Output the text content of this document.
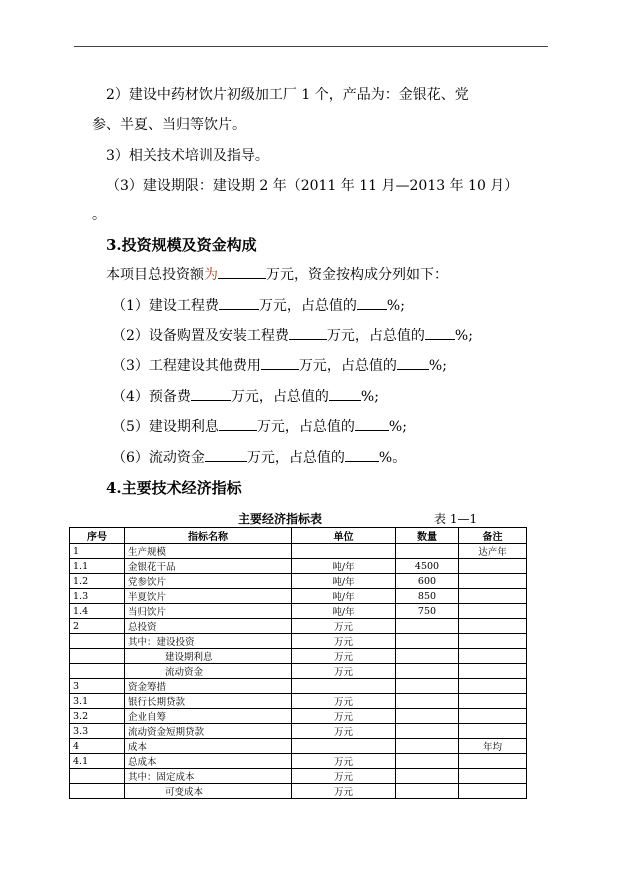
2）建设中药材饮片初级加工厂 1 个，产品为：金银花、党
参、半夏、当归等饮片。
3）相关技术培训及指导。
（3）建设期限：建设期 2 年（2011 年 11 月—2013 年 10 月）
。
3.投资规模及资金构成
本项目总投资额为	万元，资金按构成分列如下：
（1）建设工程费	万元，占总值的 %;
（2）设备购置及安装工程费	万元，占总值的 %;
（3）工程建设其他费用	万元，占总值的 %;
（4）预备费	万元，占总值的 %;
（5）建设期利息	万元，占总值的 %;
（6）流动资金	万元，占总值的 %。
4.主要技术经济指标
主要经济指标表	表 1—1
序号	指标名称	单位	数量	备注
1	生产规模			达产年
1.1	金银花干品	吨/年	4500	
1.2	党参饮片	吨/年	600	
1.3	半夏饮片	吨/年	850	
1.4	当归饮片	吨/年	750	
2	总投资	万元		
	其中：建设投资	万元		
	建设期利息	万元		
	流动资金	万元		
3	资金筹措			
3.1	银行长期贷款	万元		
3.2	企业自筹	万元		
3.3	流动资金短期贷款	万元		
4	成本			年均
4.1	总成本	万元		
	其中：固定成本	万元		
	可变成本	万元		
